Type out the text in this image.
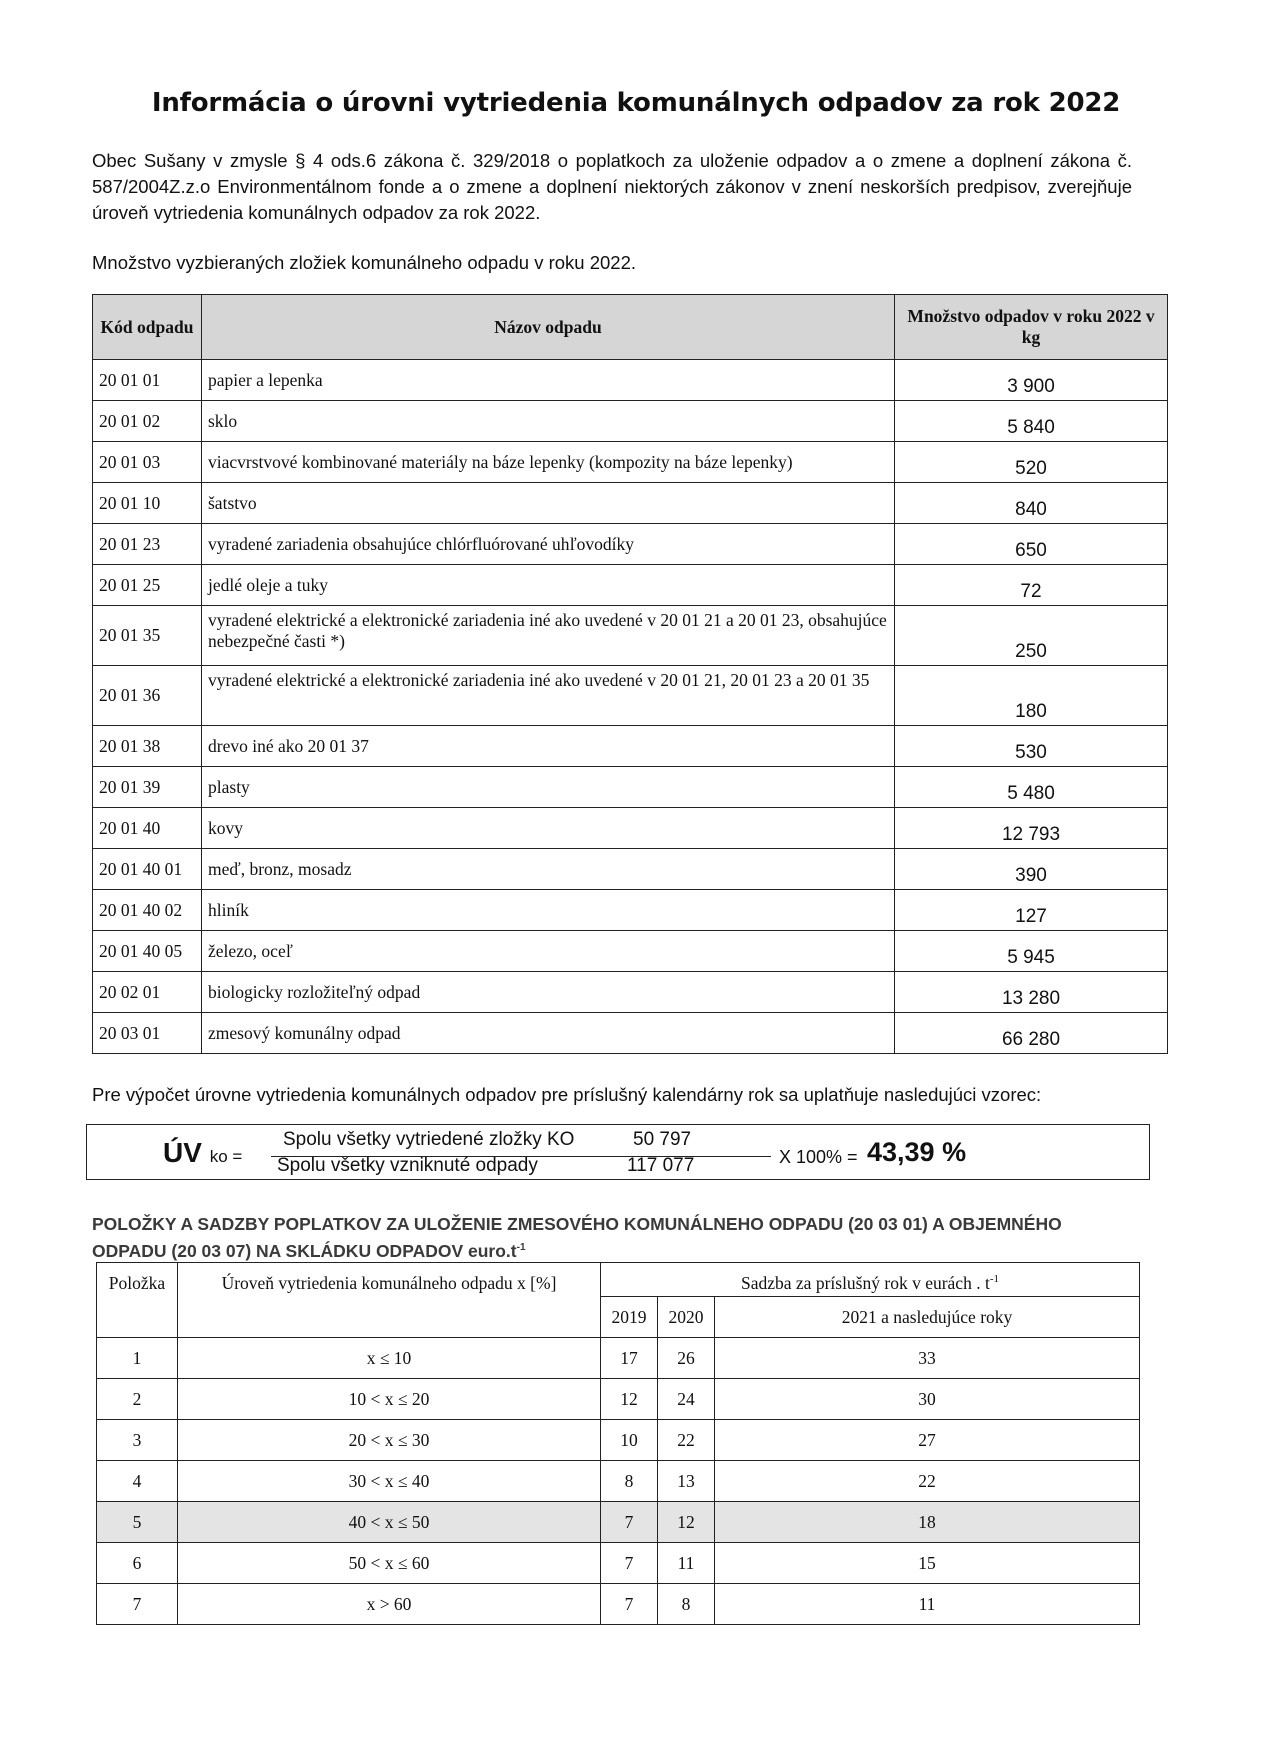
Informácia o úrovni vytriedenia komunálnych odpadov za rok 2022

Obec Sušany v zmysle § 4 ods.6 zákona č. 329/2018 o poplatkoch za uloženie odpadov a o zmene a doplnení zákona č. 587/2004Z.z.o Environmentálnom fonde a o zmene a doplnení niektorých zákonov v znení neskorších predpisov, zverejňuje úroveň vytriedenia komunálnych odpadov za rok 2022.

Množstvo vyzbieraných zložiek komunálneho odpadu v roku 2022.

Kód odpadu	Názov odpadu	Množstvo odpadov v roku 2022 v kg
20 01 01	papier a lepenka	3 900
20 01 02	sklo	5 840
20 01 03	viacvrstvové kombinované materiály na báze lepenky (kompozity na báze lepenky)	520
20 01 10	šatstvo	840
20 01 23	vyradené zariadenia obsahujúce chlórfluórované uhľovodíky	650
20 01 25	jedlé oleje a tuky	72
20 01 35	vyradené elektrické a elektronické zariadenia iné ako uvedené v 20 01 21 a 20 01 23, obsahujúce nebezpečné časti *)	250
20 01 36	vyradené elektrické a elektronické zariadenia iné ako uvedené v 20 01 21, 20 01 23 a 20 01 35	180
20 01 38	drevo iné ako 20 01 37	530
20 01 39	plasty	5 480
20 01 40	kovy	12 793
20 01 40 01	meď, bronz, mosadz	390
20 01 40 02	hliník	127
20 01 40 05	železo, oceľ	5 945
20 02 01	biologicky rozložiteľný odpad	13 280
20 03 01	zmesový komunálny odpad	66 280

Pre výpočet úrovne vytriedenia komunálnych odpadov pre príslušný kalendárny rok sa uplatňuje nasledujúci vzorec:

ÚV ko =
Spolu všetky vytriedené zložky KO	50 797
Spolu všetky vzniknuté odpady	117 077	X 100% = 43,39 %
POLOŽKY A SADZBY POPLATKOV ZA ULOŽENIE ZMESOVÉHO KOMUNÁLNEHO ODPADU (20 03 01) A OBJEMNÉHO
ODPADU (20 03 07) NA SKLÁDKU ODPADOV $euro.t^{-1}$
Položka	Úroveň vytriedenia komunálneho odpadu x [%]	Sadzba za príslušný rok v eurách . $t^{-1}$
		2019	2020	2021 a nasledujúce roky
1	x ≤ 10	17	26	33
2	10 < x ≤ 20	12	24	30
3	20 < x ≤ 30	10	22	27
4	30 < x ≤ 40	8	13	22
5	40 < x ≤ 50	7	12	18
6	50 < x ≤ 60	7	11	15
7	x > 60	7	8	11
